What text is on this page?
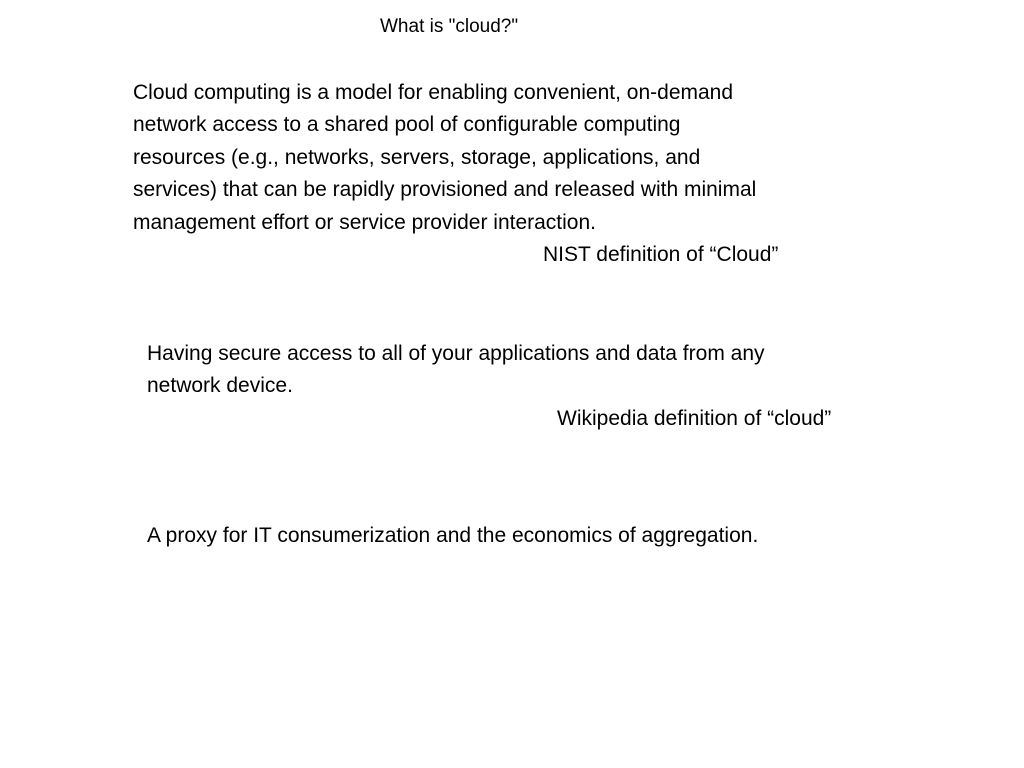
What is "cloud?"
Cloud computing is a model for enabling convenient, on-demand
network access to a shared pool of configurable computing
resources (e.g., networks, servers, storage, applications, and
services) that can be rapidly provisioned and released with minimal
management effort or service provider interaction.
NIST definition of “Cloud”
Having secure access to all of your applications and data from any
network device.
Wikipedia definition of “cloud”
A proxy for IT consumerization and the economics of aggregation.
